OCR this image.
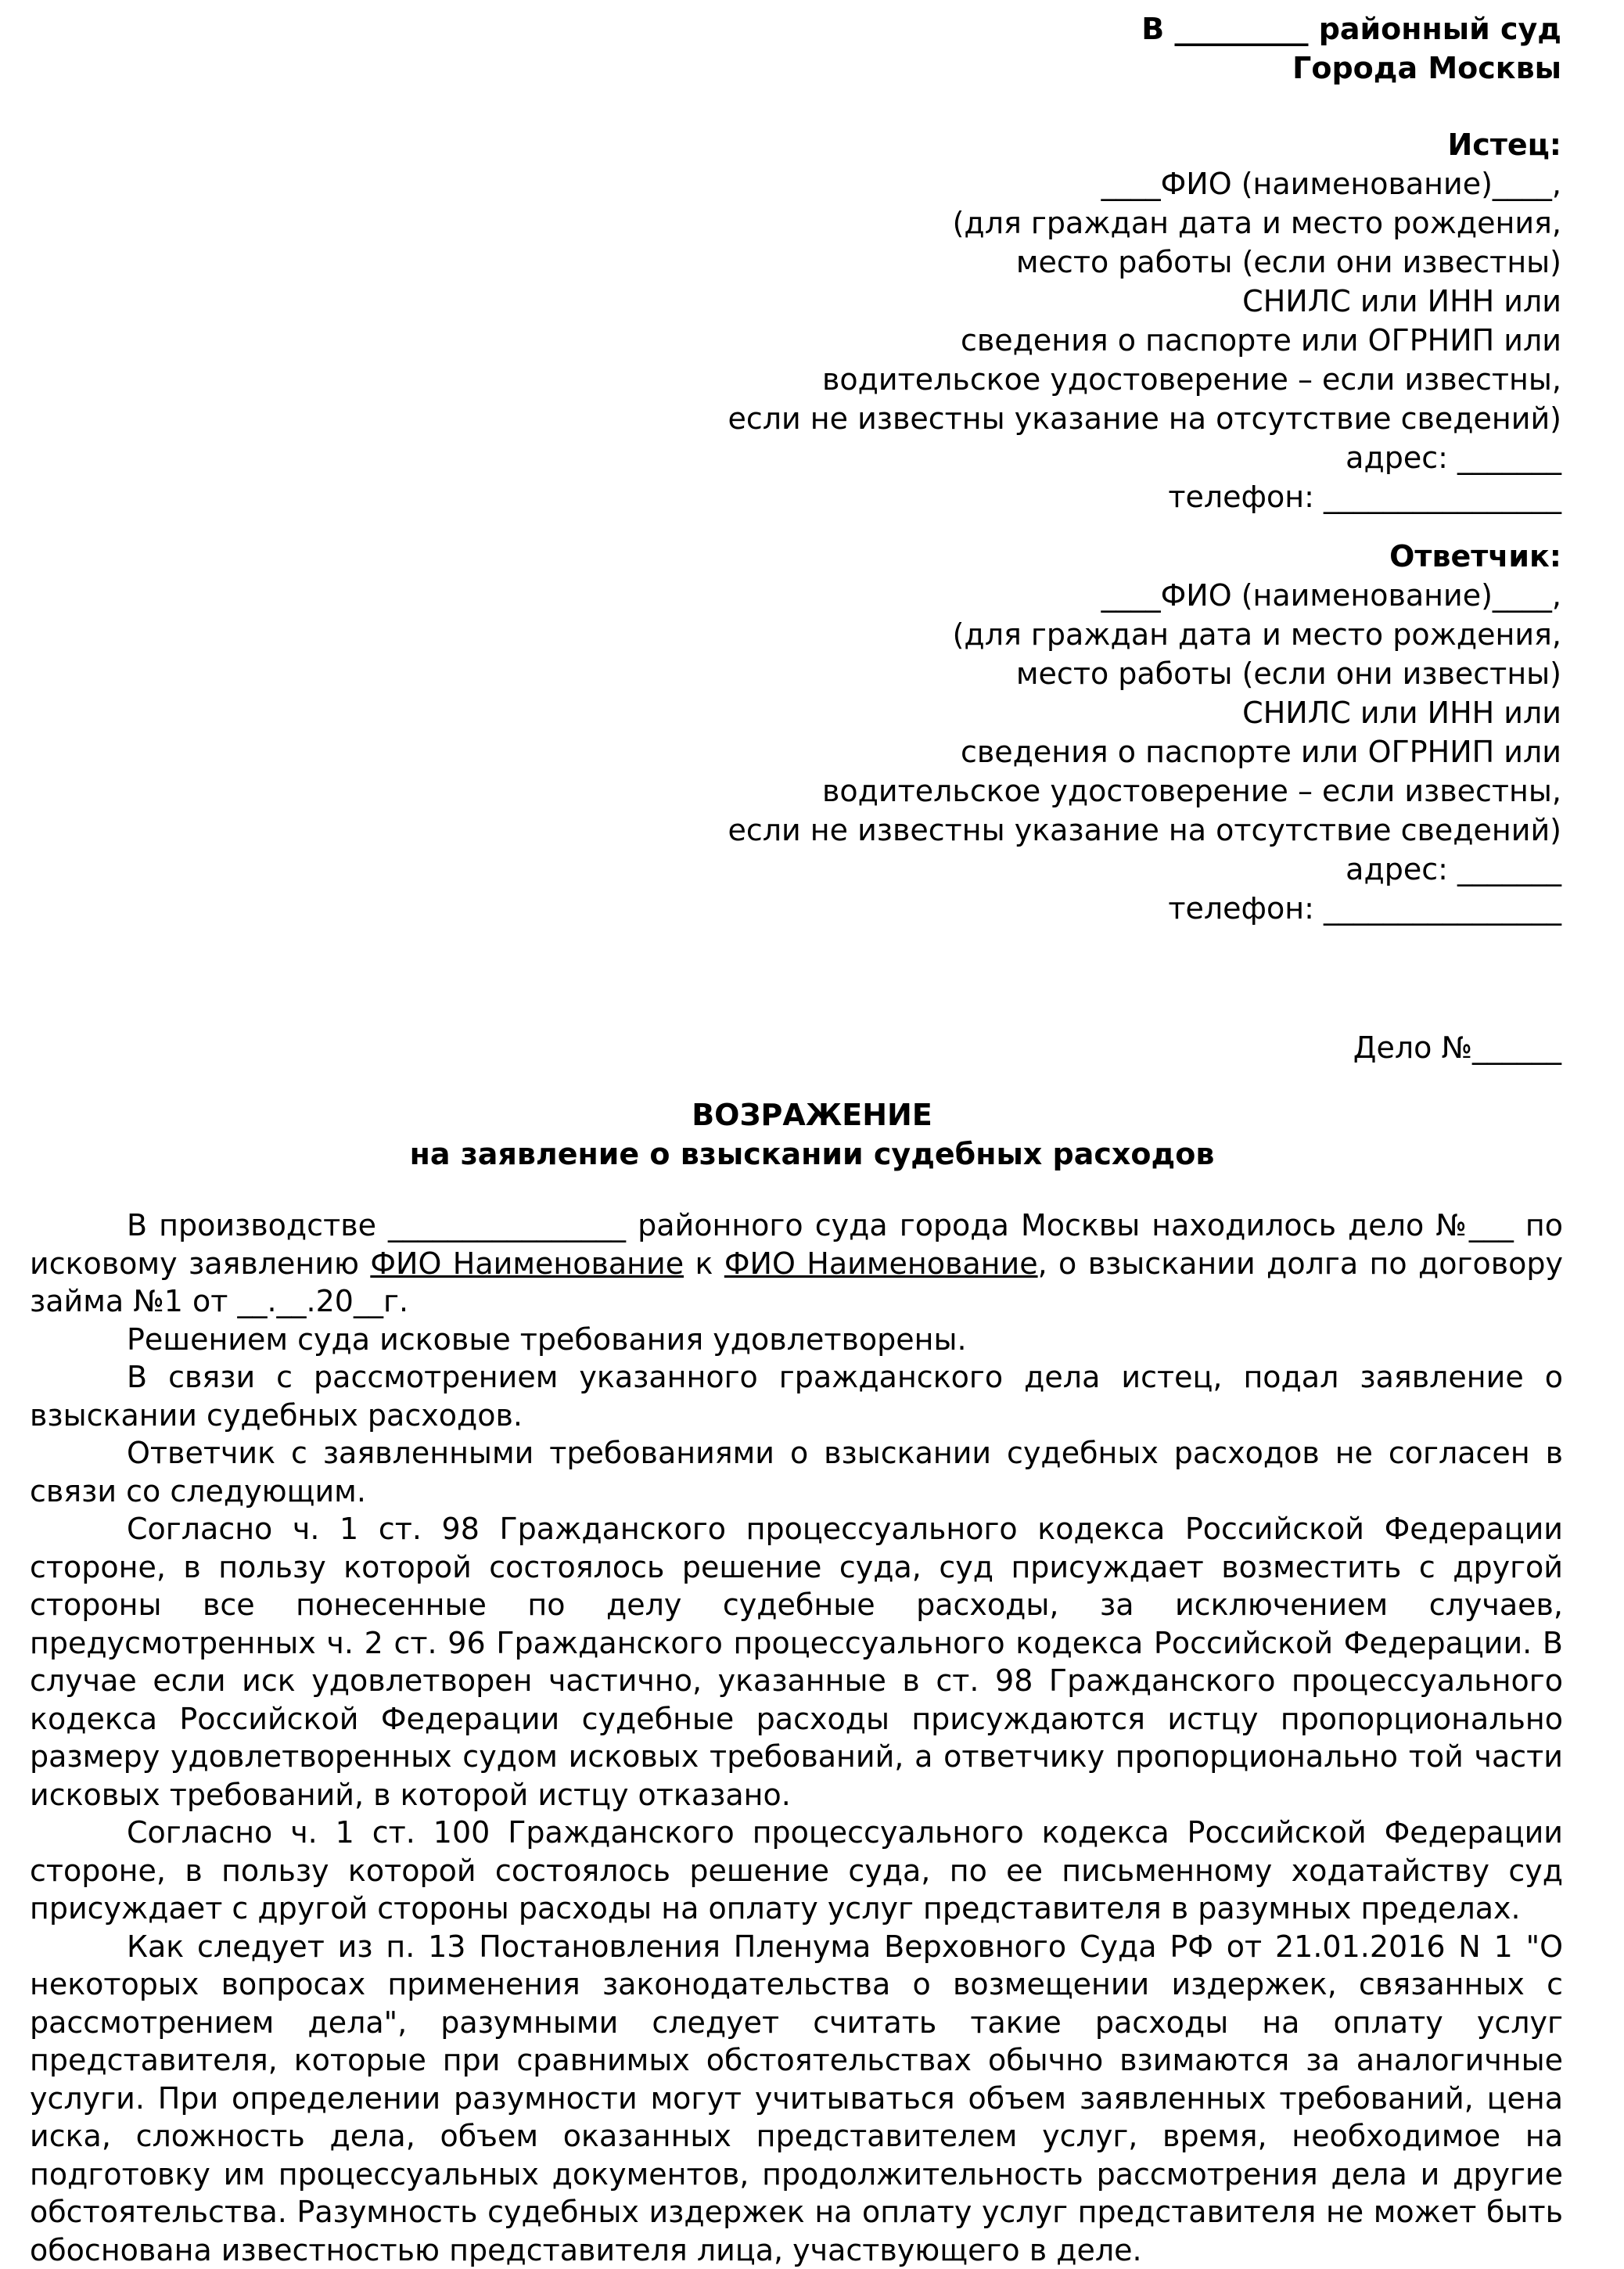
В _________ районный суд
Города Москвы
Истец:
____ФИО (наименование)____,
(для граждан дата и место рождения,
место работы (если они известны)
СНИЛС или ИНН или
сведения о паспорте или ОГРНИП или
водительское удостоверение – если известны,
если не известны указание на отсутствие сведений)
адрес: _______
телефон: ________________
Ответчик:
____ФИО (наименование)____,
(для граждан дата и место рождения,
место работы (если они известны)
СНИЛС или ИНН или
сведения о паспорте или ОГРНИП или
водительское удостоверение – если известны,
если не известны указание на отсутствие сведений)
адрес: _______
телефон: ________________
Дело №______
ВОЗРАЖЕНИЕ
на заявление о взыскании судебных расходов

В производстве ________________ районного суда города Москвы находилось дело №___ по исковому заявлению ФИО Наименование к ФИО Наименование, о взыскании долга по договору займа №1 от __.__.20__г.

Решением суда исковые требования удовлетворены.

В связи с рассмотрением указанного гражданского дела истец, подал заявление о взыскании судебных расходов.

Ответчик с заявленными требованиями о взыскании судебных расходов не согласен в связи со следующим.

Согласно ч. 1 ст. 98 Гражданского процессуального кодекса Российской Федерации стороне, в пользу которой состоялось решение суда, суд присуждает возместить с другой стороны все понесенные по делу судебные расходы, за исключением случаев, предусмотренных ч. 2 ст. 96 Гражданского процессуального кодекса Российской Федерации. В случае если иск удовлетворен частично, указанные в ст. 98 Гражданского процессуального кодекса Российской Федерации судебные расходы присуждаются истцу пропорционально размеру удовлетворенных судом исковых требований, а ответчику пропорционально той части исковых требований, в которой истцу отказано.

Согласно ч. 1 ст. 100 Гражданского процессуального кодекса Российской Федерации стороне, в пользу которой состоялось решение суда, по ее письменному ходатайству суд присуждает с другой стороны расходы на оплату услуг представителя в разумных пределах.

Как следует из п. 13 Постановления Пленума Верховного Суда РФ от 21.01.2016 N 1 "О некоторых вопросах применения законодательства о возмещении издержек, связанных с рассмотрением дела", разумными следует считать такие расходы на оплату услуг представителя, которые при сравнимых обстоятельствах обычно взимаются за аналогичные услуги. При определении разумности могут учитываться объем заявленных требований, цена иска, сложность дела, объем оказанных представителем услуг, время, необходимое на подготовку им процессуальных документов, продолжительность рассмотрения дела и другие обстоятельства. Разумность судебных издержек на оплату услуг представителя не может быть обоснована известностью представителя лица, участвующего в деле.
